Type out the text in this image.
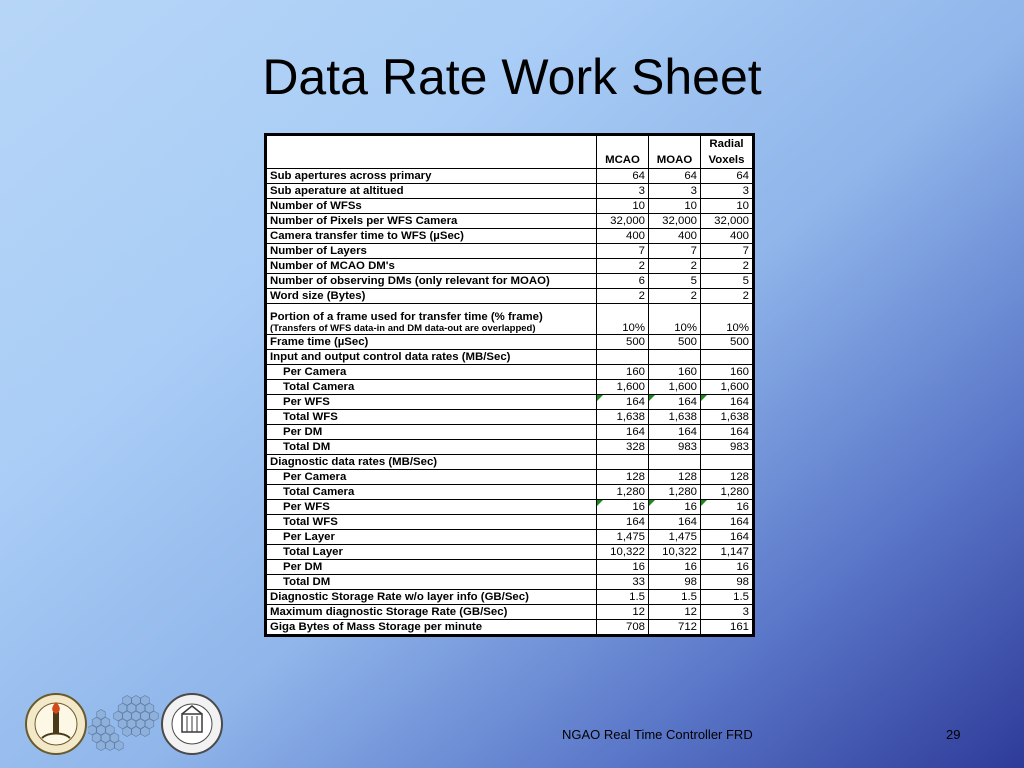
Data Rate Work Sheet
	MCAO	MOAO	Radial
Voxels

Sub apertures across primary	64	64	64
Sub aperature at altitued	3	3	3
Number of WFSs	10	10	10
Number of Pixels per WFS Camera	32,000	32,000	32,000
Camera transfer time to WFS (µSec)	400	400	400
Number of Layers	7	7	7
Number of MCAO DM's	2	2	2
Number of observing DMs (only relevant for MOAO)	6	5	5
Word size (Bytes)	2	2	2

Portion of a frame used for transfer time (% frame)
(Transfers of WFS data-in and DM data-out are overlapped)	10%	10%	10%
Frame time (µSec)	500	500	500
Input and output control data rates (MB/Sec)			
Per Camera	160	160	160
Total Camera	1,600	1,600	1,600
Per WFS	164	164	164

Total WFS	1,638	1,638	1,638
Per DM	164	164	164
Total DM	328	983	983
Diagnostic data rates (MB/Sec)			
Per Camera	128	128	128
Total Camera	1,280	1,280	1,280
Per WFS	16	16	16

Total WFS	164	164	164
Per Layer	1,475	1,475	164
Total Layer	10,322	10,322	1,147
Per DM	16	16	16
Total DM	33	98	98
Diagnostic Storage Rate w/o layer info (GB/Sec)	1.5	1.5	1.5
Maximum diagnostic Storage Rate (GB/Sec)	12	12	3
Giga Bytes of Mass Storage per minute	708	712	161
NGAO Real Time Controller FRD	29
